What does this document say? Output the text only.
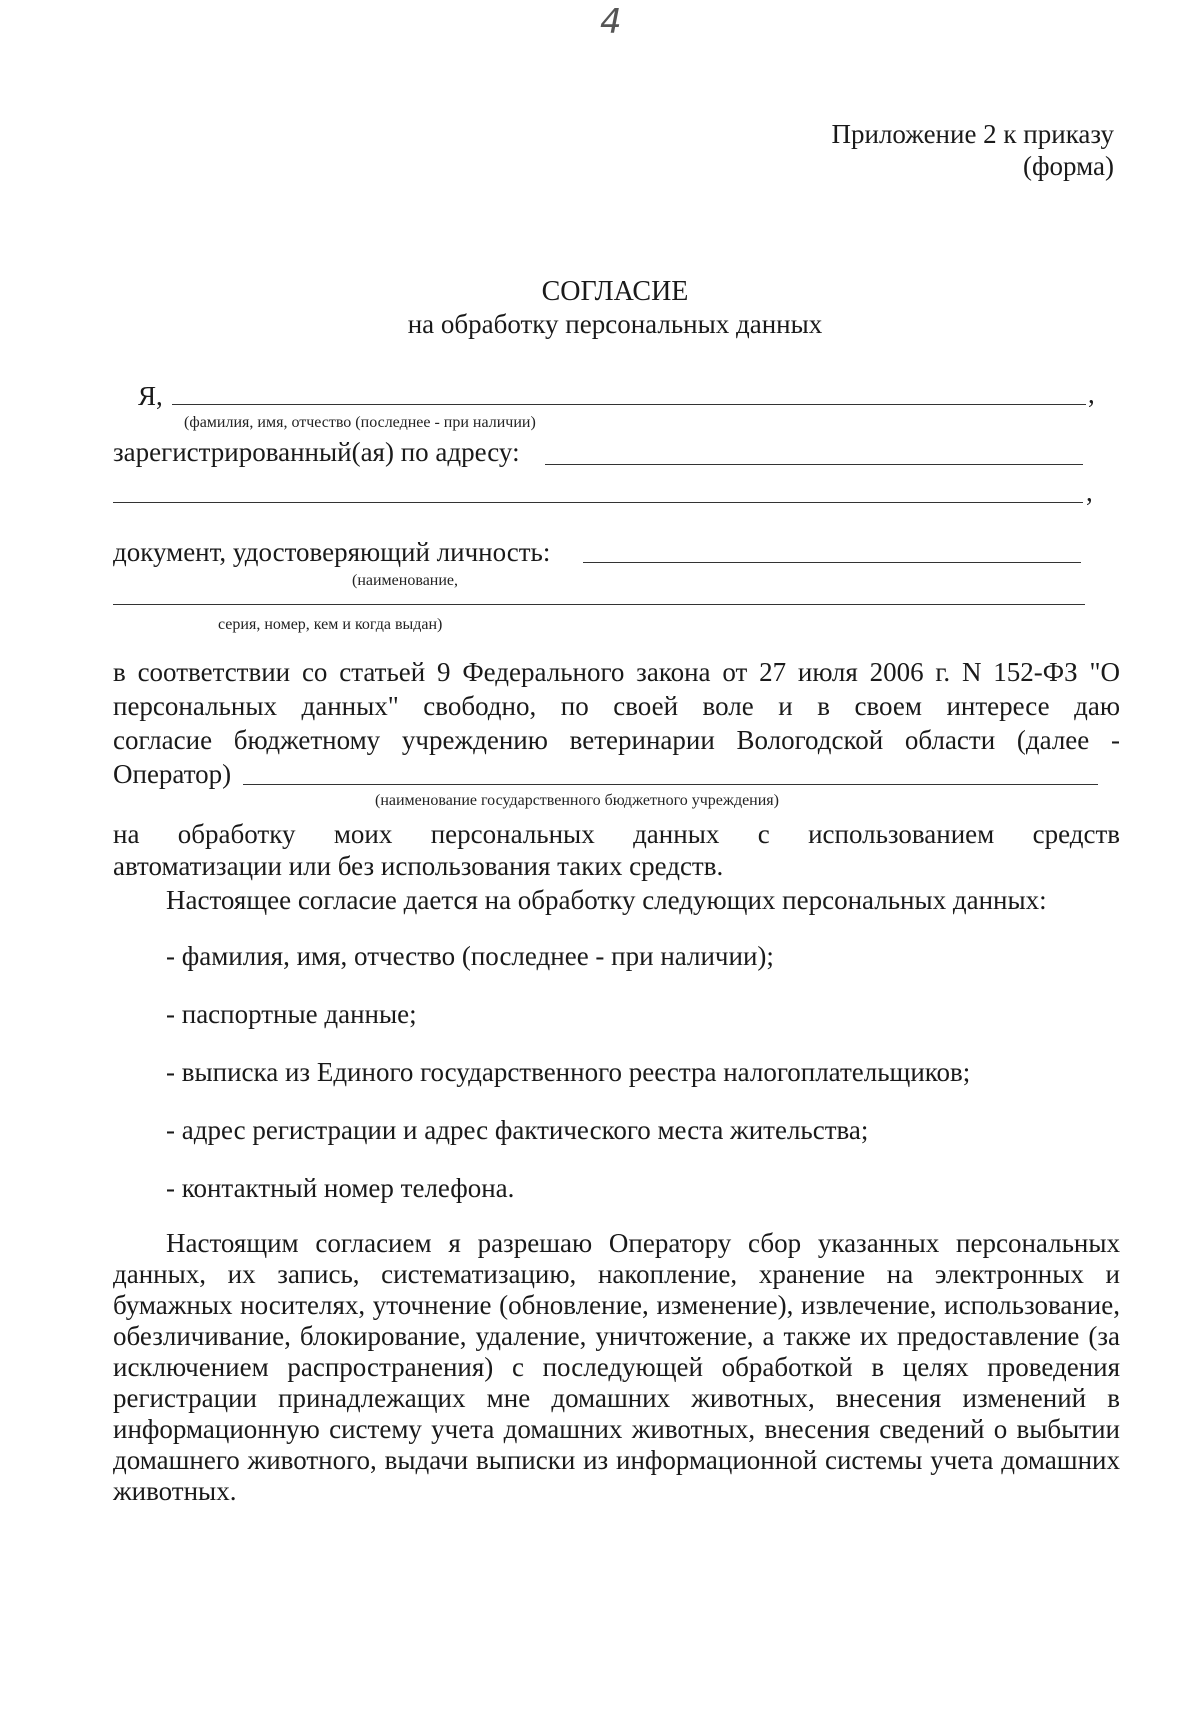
4
Приложение 2 к приказу
(форма)
СОГЛАСИЕ
на обработку персональных данных
Я,	,
(фамилия, имя, отчество (последнее - при наличии)
зарегистрированный(ая) по адресу:
,
документ, удостоверяющий личность:
(наименование,
серия, номер, кем и когда выдан)
в соответствии со статьей 9 Федерального закона от 27 июля 2006 г. N 152-ФЗ "О
персональных данных" свободно, по своей воле и в своем интересе даю
согласие бюджетному учреждению ветеринарии Вологодской области (далее -
Оператор)
(наименование государственного бюджетного учреждения)
на обработку моих персональных данных с использованием средств
автоматизации или без использования таких средств.
Настоящее согласие дается на обработку следующих персональных данных:
- фамилия, имя, отчество (последнее - при наличии);
- паспортные данные;
- выписка из Единого государственного реестра налогоплательщиков;
- адрес регистрации и адрес фактического места жительства;
- контактный номер телефона.
Настоящим согласием я разрешаю Оператору сбор указанных персональных данных, их запись, систематизацию, накопление, хранение на электронных и бумажных носителях, уточнение (обновление, изменение), извлечение, использование, обезличивание, блокирование, удаление, уничтожение, а также их предоставление (за исключением распространения) с последующей обработкой в целях проведения регистрации принадлежащих мне домашних животных, внесения изменений в информационную систему учета домашних животных, внесения сведений о выбытии домашнего животного, выдачи выписки из информационной системы учета домашних животных.
